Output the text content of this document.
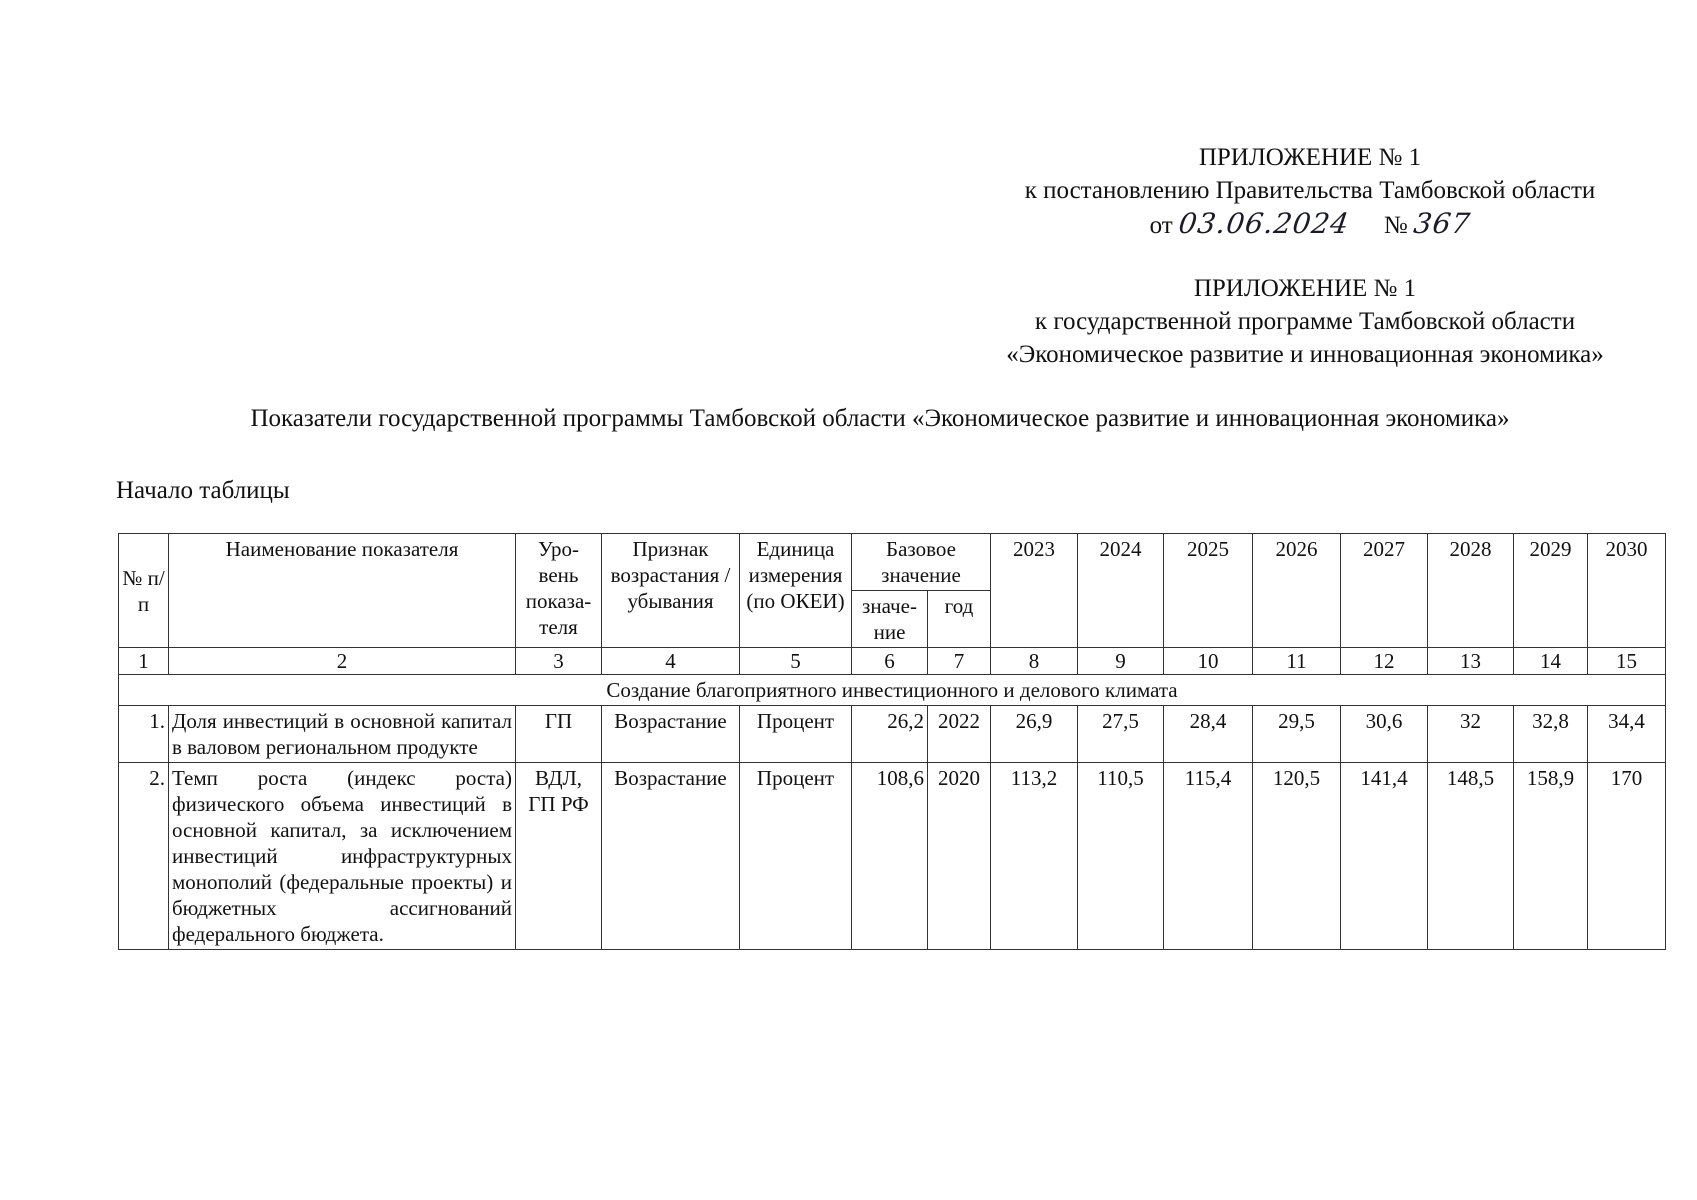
ПРИЛОЖЕНИЕ № 1
к постановлению Правительства Тамбовской области
от 03.06.2024 № 367
ПРИЛОЖЕНИЕ № 1
к государственной программе Тамбовской области
«Экономическое развитие и инновационная экономика»
Показатели государственной программы Тамбовской области «Экономическое развитие и инновационная экономика»
Начало таблицы
№ п/п	Наименование показателя	Уро-вень показа-теля	Признак возрастания / убывания	Единица измерения (по ОКЕИ)	Базовое значение		2023	2024	2025	2026	2027	2028	2029	2030
					значе-ние	год								
1	2	3	4	5	6	7	8	9	10	11	12	13	14	15
Создание благоприятного инвестиционного и делового климата														
1.	Доля инвестиций в основной капитал в валовом региональном продукте	ГП	Возрастание	Процент	26,2	2022	26,9	27,5	28,4	29,5	30,6	32	32,8	34,4
2.	Темп роста (индекс роста) физического объема инвестиций в основной капитал, за исключением инвестиций инфраструктурных монополий (федеральные проекты) и бюджетных ассигнований федерального бюджета.	ВДЛ, ГП РФ	Возрастание	Процент	108,6	2020	113,2	110,5	115,4	120,5	141,4	148,5	158,9	170
